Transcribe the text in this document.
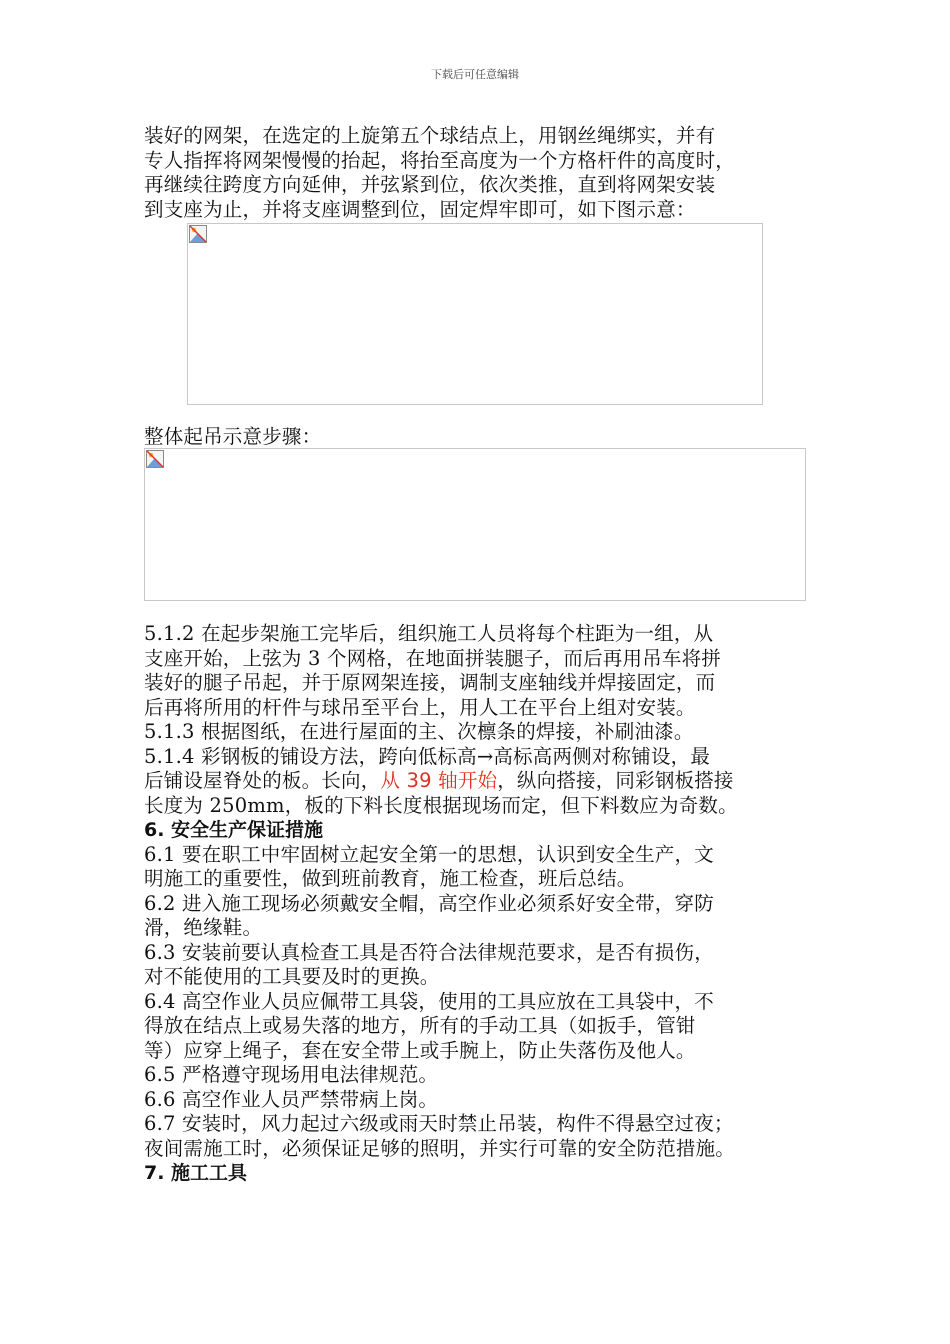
下载后可任意编辑
装好的网架，在选定的上旋第五个球结点上，用钢丝绳绑实，并有
专人指挥将网架慢慢的抬起，将抬至高度为一个方格杆件的高度时，
再继续往跨度方向延伸，并弦紧到位，依次类推，直到将网架安装
到支座为止，并将支座调整到位，固定焊牢即可，如下图示意：
整体起吊示意步骤：
5.1.2 在起步架施工完毕后，组织施工人员将每个柱距为一组，从
支座开始，上弦为 3 个网格，在地面拼装腿子，而后再用吊车将拼
装好的腿子吊起，并于原网架连接，调制支座轴线并焊接固定，而
后再将所用的杆件与球吊至平台上，用人工在平台上组对安装。
5.1.3 根据图纸，在进行屋面的主、次檩条的焊接，补刷油漆。
5.1.4 彩钢板的铺设方法，跨向低标高→高标高两侧对称铺设，最
后铺设屋脊处的板。长向，从 39 轴开始，纵向搭接，同彩钢板搭接
长度为 250mm，板的下料长度根据现场而定，但下料数应为奇数。
6. 安全生产保证措施
6.1 要在职工中牢固树立起安全第一的思想，认识到安全生产，文
明施工的重要性，做到班前教育，施工检查，班后总结。
6.2 进入施工现场必须戴安全帽，高空作业必须系好安全带，穿防
滑，绝缘鞋。
6.3 安装前要认真检查工具是否符合法律规范要求，是否有损伤，
对不能使用的工具要及时的更换。
6.4 高空作业人员应佩带工具袋，使用的工具应放在工具袋中，不
得放在结点上或易失落的地方，所有的手动工具（如扳手，管钳
等）应穿上绳子，套在安全带上或手腕上，防止失落伤及他人。
6.5 严格遵守现场用电法律规范。
6.6 高空作业人员严禁带病上岗。
6.7 安装时，风力起过六级或雨天时禁止吊装，构件不得悬空过夜；
夜间需施工时，必须保证足够的照明，并实行可靠的安全防范措施。
7. 施工工具
